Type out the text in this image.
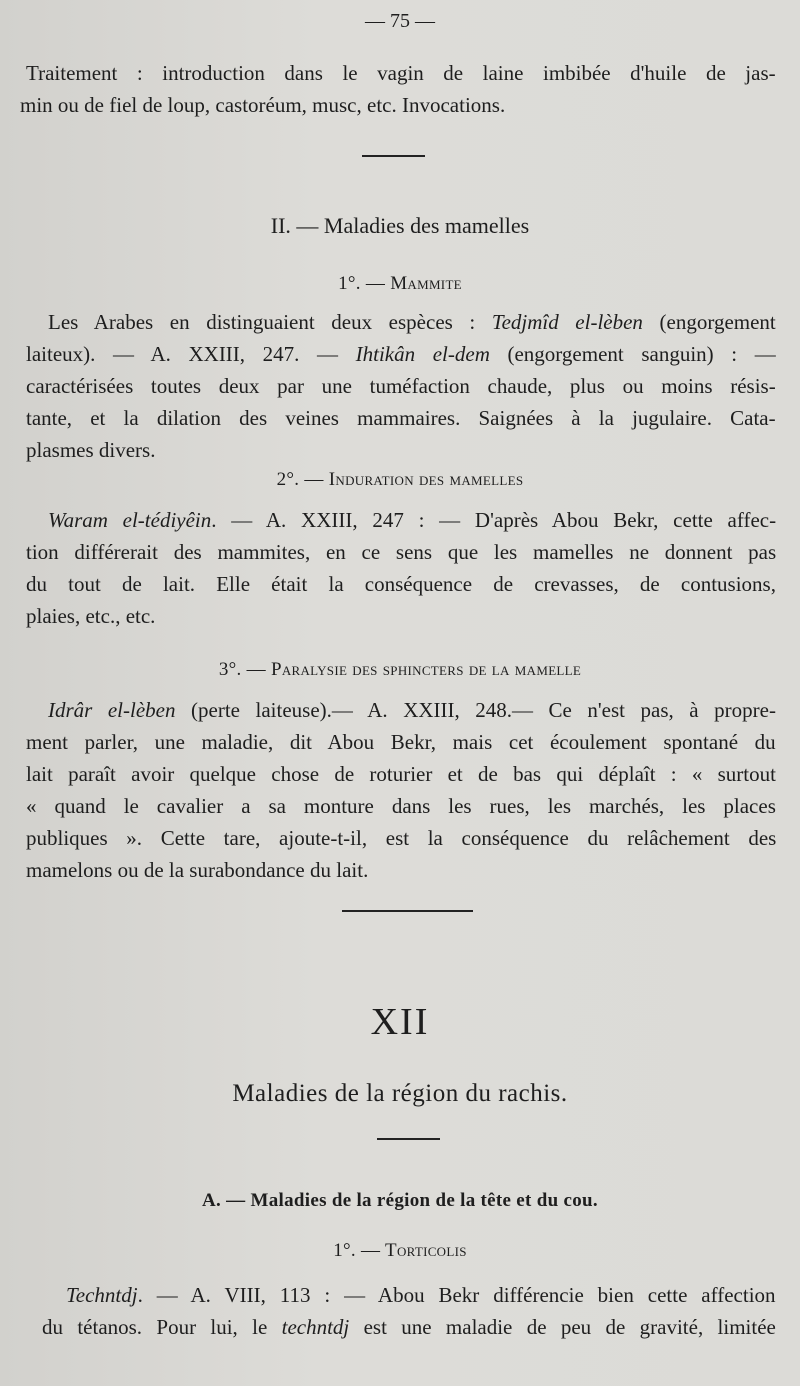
— 75 —
Traitement : introduction dans le vagin de laine imbibée d'huile de jas-
min ou de fiel de loup, castoréum, musc, etc. Invocations.
II. — Maladies des mamelles
1°. — Mammite
Les Arabes en distinguaient deux espèces : Tedjmîd el-lèben (engorgement
laiteux). — A. XXIII, 247. — Ihtikân el-dem (engorgement sanguin) : —
caractérisées toutes deux par une tuméfaction chaude, plus ou moins résis-
tante, et la dilation des veines mammaires. Saignées à la jugulaire. Cata-
plasmes divers.
2°. — Induration des mamelles
Waram el-tédiyêin. — A. XXIII, 247 : — D'après Abou Bekr, cette affec-
tion différerait des mammites, en ce sens que les mamelles ne donnent pas
du tout de lait. Elle était la conséquence de crevasses, de contusions,
plaies, etc., etc.
3°. — Paralysie des sphincters de la mamelle
Idrâr el-lèben (perte laiteuse).— A. XXIII, 248.— Ce n'est pas, à propre-
ment parler, une maladie, dit Abou Bekr, mais cet écoulement spontané du
lait paraît avoir quelque chose de roturier et de bas qui déplaît : « surtout
« quand le cavalier a sa monture dans les rues, les marchés, les places
publiques ». Cette tare, ajoute-t-il, est la conséquence du relâchement des
mamelons ou de la surabondance du lait.
XII
Maladies de la région du rachis.
A. — Maladies de la région de la tête et du cou.
1°. — Torticolis
Techntdj. — A. VIII, 113 : — Abou Bekr différencie bien cette affection
du tétanos. Pour lui, le techntdj est une maladie de peu de gravité, limitée
